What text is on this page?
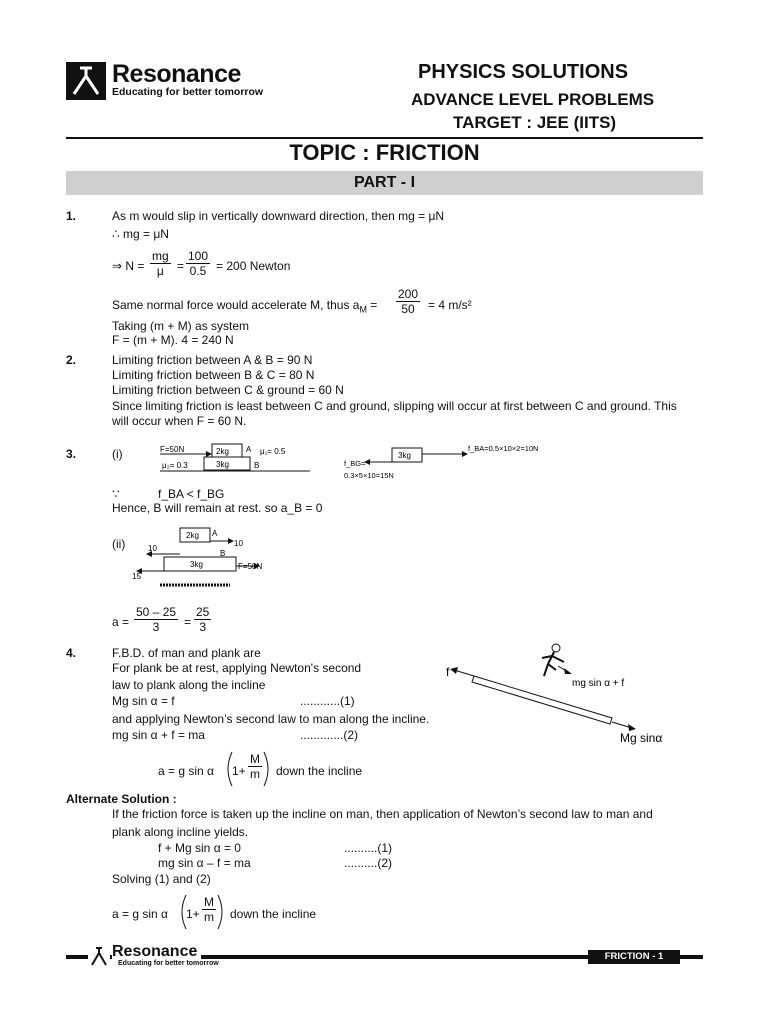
Resonance
Educating for better tomorrow
PHYSICS SOLUTIONS
ADVANCE LEVEL PROBLEMS
TARGET : JEE (IITS)
TOPIC : FRICTION
PART - I
1.	As m would slip in vertically downward direction, then mg = μN
∴ mg = μN
⇒ $N = \frac{mg}{\mu} = \frac{100}{0.5} = 200$ Newton
Same normal force would accelerate M, thus $a_M = \frac{200}{50} = 4$ m/s²
Taking (m + M) as system
F = (m + M). 4 = 240 N
2.	Limiting friction between A & B = 90 N
Limiting friction between B & C = 80 N
Limiting friction between C & ground = 60 N
Since limiting friction is least between C and ground, slipping will occur at first between C and ground. This
will occur when F = 60 N.
3.	(i)	F=50N	2kg A
3kg	B
μ₁= 0.5
μ₂= 0.3
3kg
f_BA=0.5×10×2=10N
f_BG=
0.3×5×10=15N
∵	f_BA < f_BG
Hence, B will remain at rest. so a_B = 0
(ii)
2kg A
10
10
3kg
B
F=50N
15
$a = \frac{50 - 25}{3} = \frac{25}{3}$
4.	F.B.D. of man and plank are
For plank be at rest, applying Newton's second
law to plank along the incline
Mg sin α = f	............(1)
and applying Newton’s second law to man along the incline.
mg sin α + f = ma	.............(2)
a = g sin α $1+ \frac{M}{m}$ down the incline
f
mg sin α + f
Mg sinα
Alternate Solution :
If the friction force is taken up the incline on man, then application of Newton’s second law to man and
plank along incline yields.
f + Mg sin α = 0	..........(1)
mg sin α – f = ma	..........(2)
Solving (1) and (2)
a = g sin α $1+ \frac{M}{m}$ down the incline
Resonance
Educating for better tomorrow
FRICTION - 1
